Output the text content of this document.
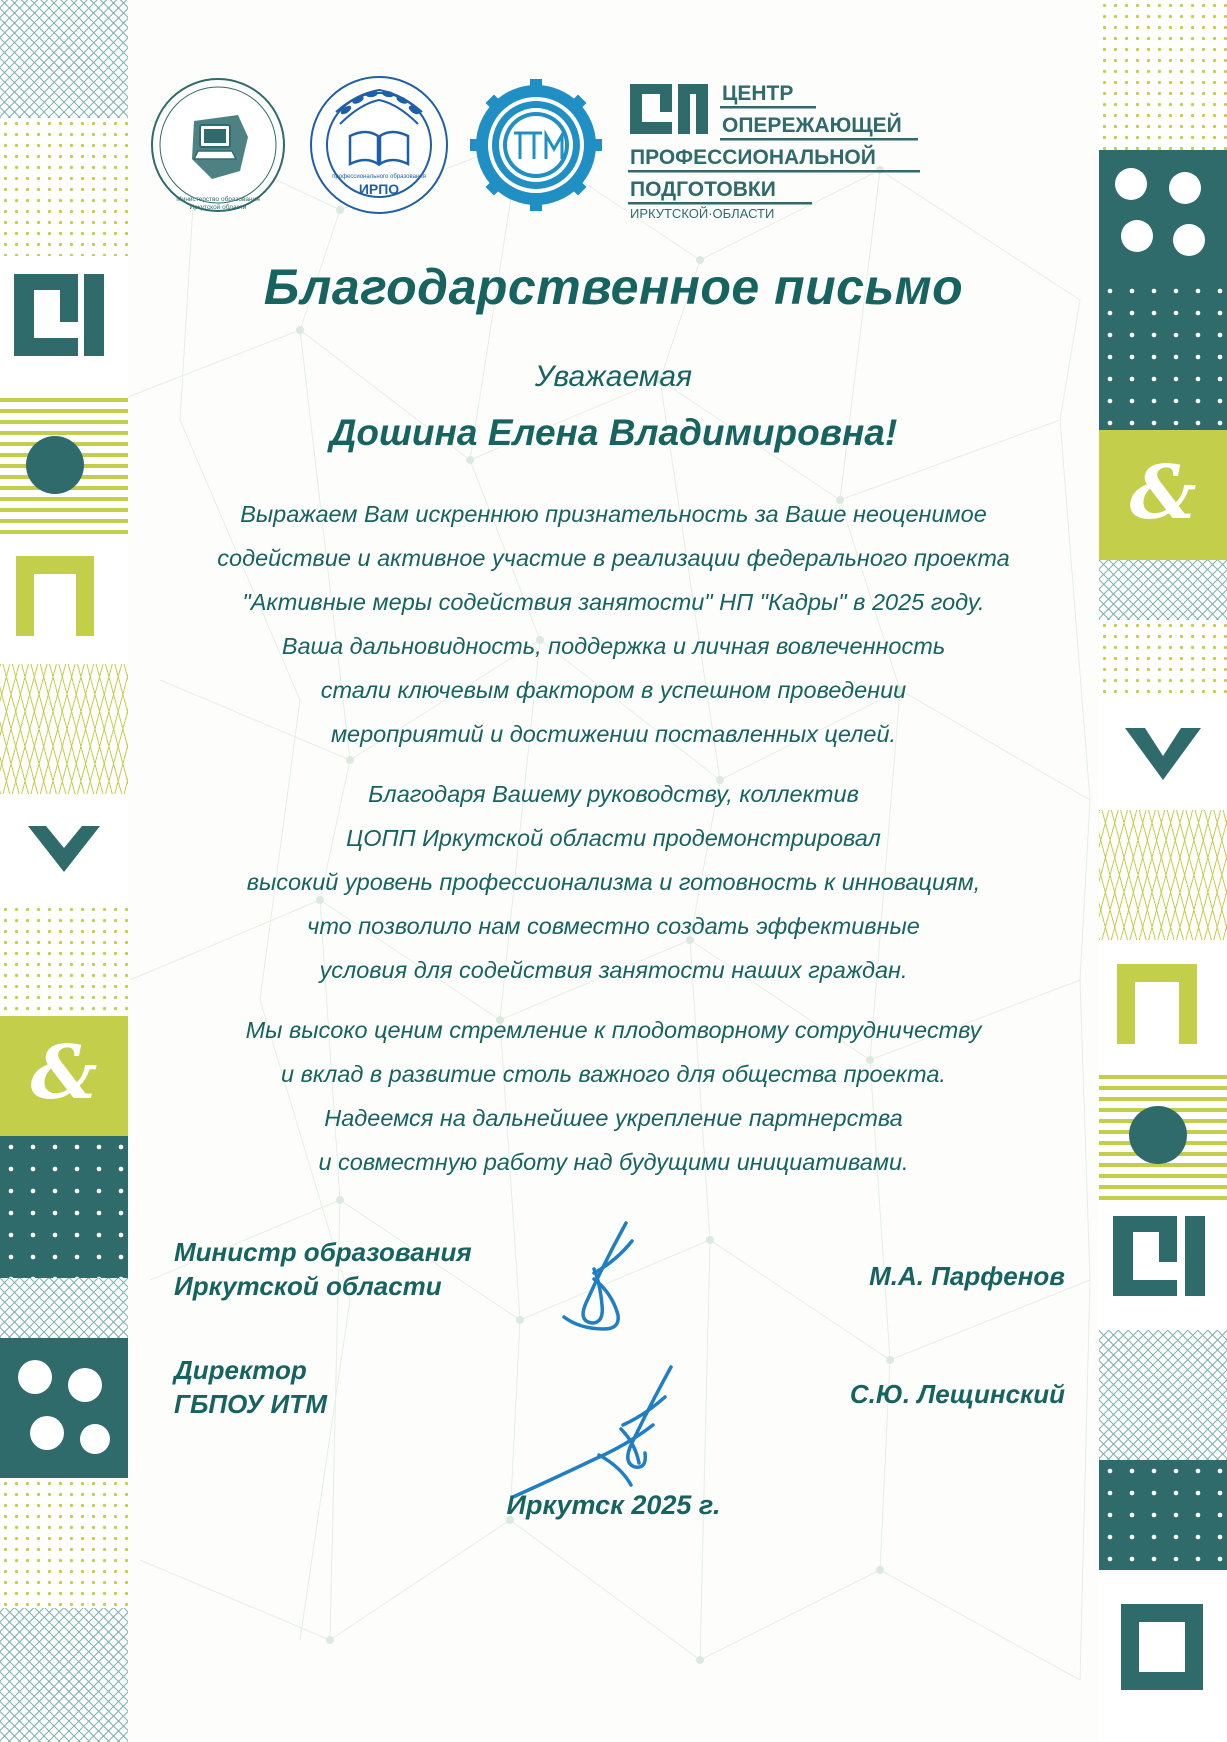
&
&
Министерство образования
Иркутской области
ИРПО
профессионального образования
ЦЕНТР
ОПЕРЕЖАЮЩЕЙ
ПРОФЕССИОНАЛЬНОЙ
ПОДГОТОВКИ
ИРКУТСКОЙ·ОБЛАСТИ
Благодарственное письмо
Уважаемая
Дошина Елена Владимировна!
Выражаем Вам искреннюю признательность за Ваше неоценимое
содействие и активное участие в реализации федерального проекта
"Активные меры содействия занятости" НП "Кадры" в 2025 году.
Ваша дальновидность, поддержка и личная вовлеченность
стали ключевым фактором в успешном проведении
мероприятий и достижении поставленных целей.
Благодаря Вашему руководству, коллектив
ЦОПП Иркутской области продемонстрировал
высокий уровень профессионализма и готовность к инновациям,
что позволило нам совместно создать эффективные
условия для содействия занятости наших граждан.
Мы высоко ценим стремление к плодотворному сотрудничеству
и вклад в развитие столь важного для общества проекта.
Надеемся на дальнейшее укрепление партнерства
и совместную работу над будущими инициативами.
Министр образования
Иркутской области	М.А. Парфенов
Директор
ГБПОУ ИТМ	С.Ю. Лещинский
Иркутск 2025 г.
